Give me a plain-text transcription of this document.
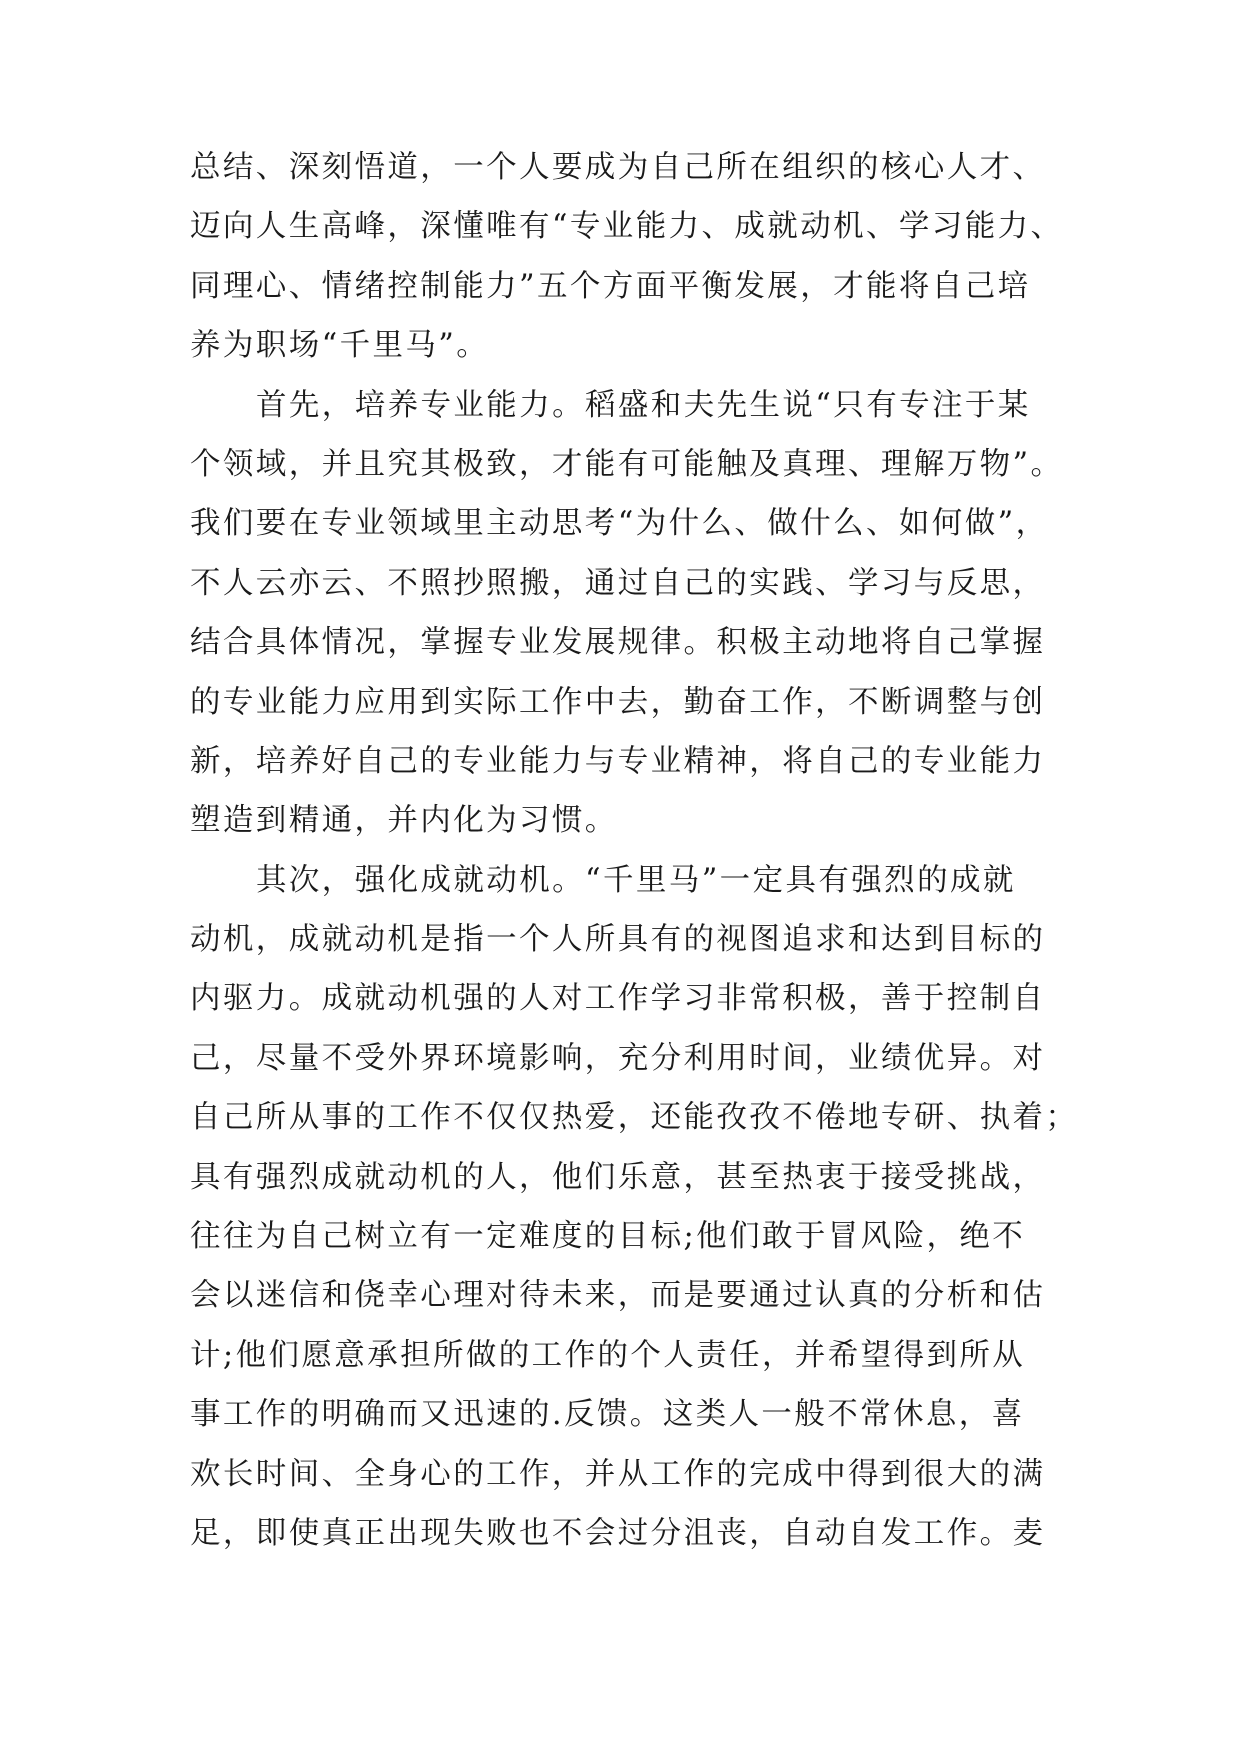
总结、深刻悟道，一个人要成为自己所在组织的核心人才、
迈向人生高峰，深懂唯有“专业能力、成就动机、学习能力、
同理心、情绪控制能力”五个方面平衡发展，才能将自己培
养为职场“千里马”。
首先，培养专业能力。稻盛和夫先生说“只有专注于某
个领域，并且究其极致，才能有可能触及真理、理解万物”。
我们要在专业领域里主动思考“为什么、做什么、如何做”，
不人云亦云、不照抄照搬，通过自己的实践、学习与反思，
结合具体情况，掌握专业发展规律。积极主动地将自己掌握
的专业能力应用到实际工作中去，勤奋工作，不断调整与创
新，培养好自己的专业能力与专业精神，将自己的专业能力
塑造到精通，并内化为习惯。
其次，强化成就动机。“千里马”一定具有强烈的成就
动机，成就动机是指一个人所具有的视图追求和达到目标的
内驱力。成就动机强的人对工作学习非常积极，善于控制自
己，尽量不受外界环境影响，充分利用时间，业绩优异。对
自己所从事的工作不仅仅热爱，还能孜孜不倦地专研、执着；
具有强烈成就动机的人，他们乐意，甚至热衷于接受挑战，
往往为自己树立有一定难度的目标;他们敢于冒风险，绝不
会以迷信和侥幸心理对待未来，而是要通过认真的分析和估
计;他们愿意承担所做的工作的个人责任，并希望得到所从
事工作的明确而又迅速的.反馈。这类人一般不常休息，喜
欢长时间、全身心的工作，并从工作的完成中得到很大的满
足，即使真正出现失败也不会过分沮丧，自动自发工作。麦
